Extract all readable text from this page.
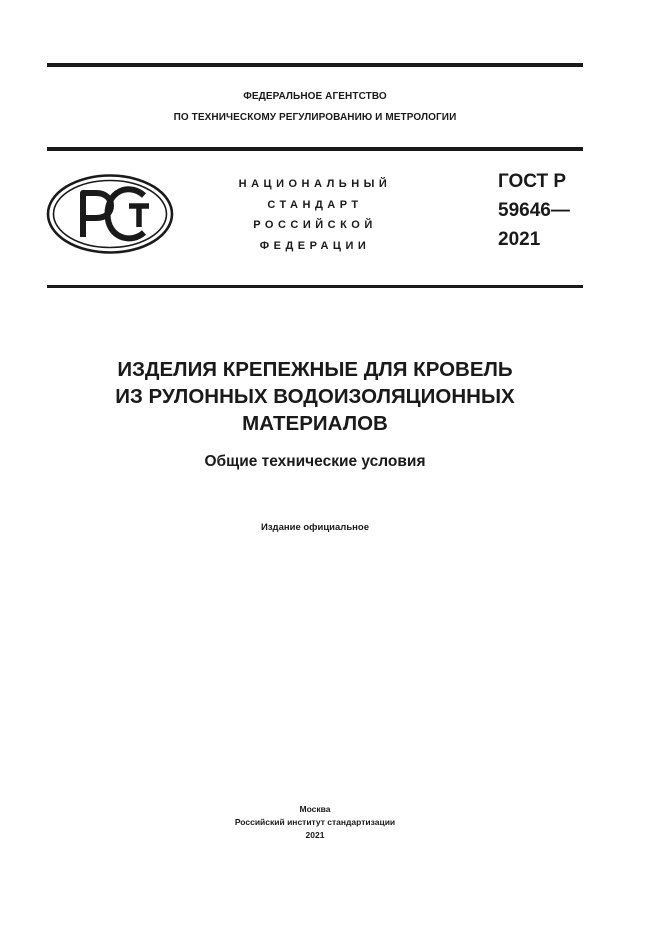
ФЕДЕРАЛЬНОЕ АГЕНТСТВО
ПО ТЕХНИЧЕСКОМУ РЕГУЛИРОВАНИЮ И МЕТРОЛОГИИ
НАЦИОНАЛЬНЫЙ
СТАНДАРТ
РОССИЙСКОЙ
ФЕДЕРАЦИИ
ГОСТ Р
59646—
2021
ИЗДЕЛИЯ КРЕПЕЖНЫЕ ДЛЯ КРОВЕЛЬ
ИЗ РУЛОННЫХ ВОДОИЗОЛЯЦИОННЫХ
МАТЕРИАЛОВ
Общие технические условия
Издание официальное
Москва
Российский институт стандартизации
2021
